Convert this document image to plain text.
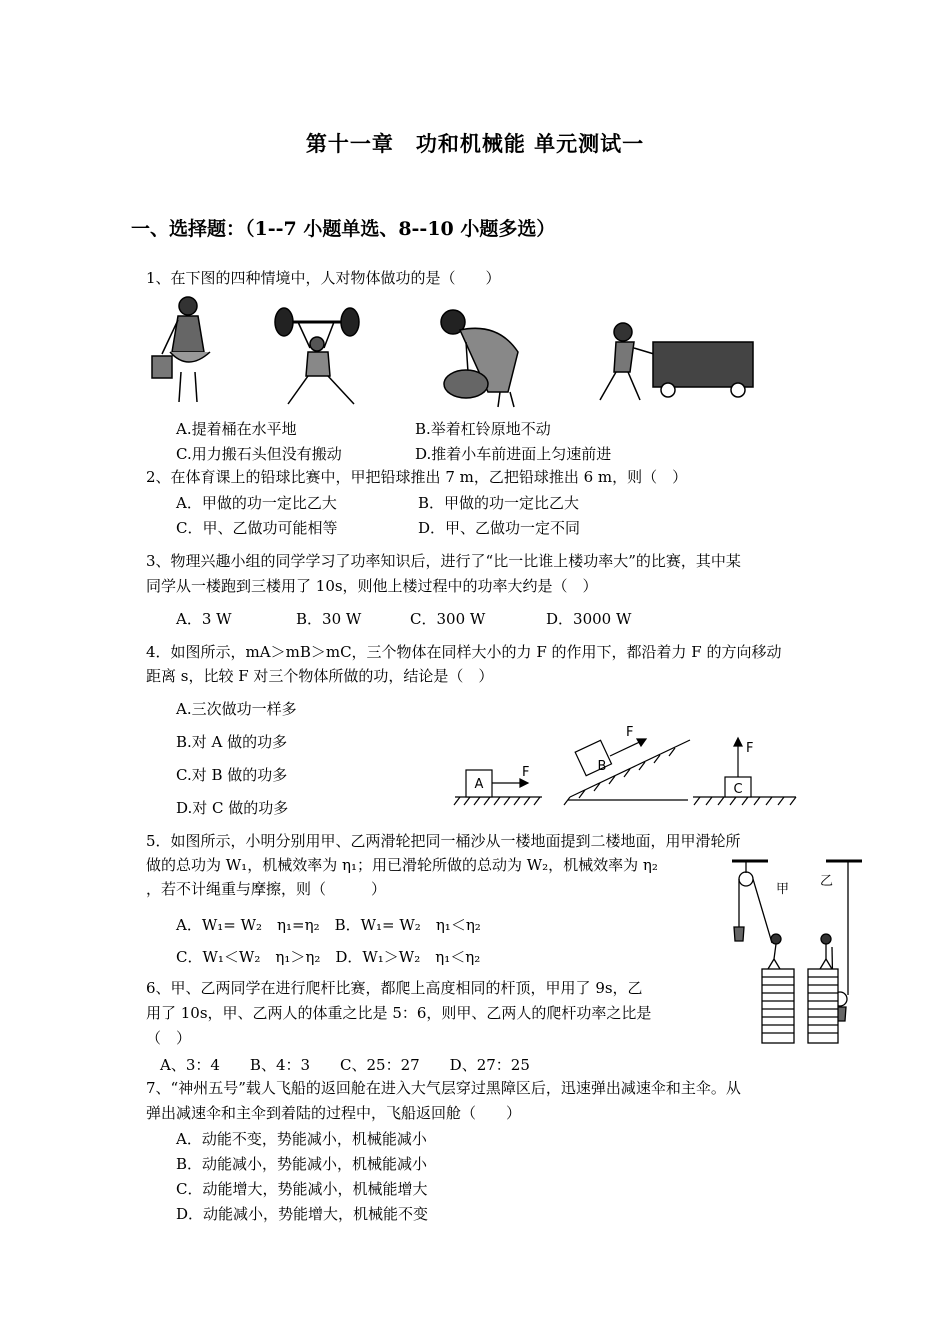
第十一章　功和机械能 单元测试一
一、选择题：（1--7 小题单选、8--10 小题多选）
1、在下图的四种情境中，人对物体做功的是（　　）
A.提着桶在水平地	B.举着杠铃原地不动
C.用力搬石头但没有搬动	D.推着小车前进面上匀速前进
2、在体育课上的铅球比赛中，甲把铅球推出 7 m，乙把铅球推出 6 m，则（　）
A．甲做的功一定比乙大	B．甲做的功一定比乙大
C．甲、乙做功可能相等	D．甲、乙做功一定不同
3、物理兴趣小组的同学学习了功率知识后，进行了“比一比谁上楼功率大”的比赛，其中某
同学从一楼跑到三楼用了 10s，则他上楼过程中的功率大约是（　）
A．3 W	B．30 W	C．300 W	D．3000 W
4．如图所示，mA＞mB＞mC，三个物体在同样大小的力 F 的作用下，都沿着力 F 的方向移动
距离 s，比较 F 对三个物体所做的功，结论是（　）
A.三次做功一样多
B.对 A 做的功多
C.对 B 做的功多
D.对 C 做的功多
A
F	B
F
C
F
5．如图所示，小明分别用甲、乙两滑轮把同一桶沙从一楼地面提到二楼地面，用甲滑轮所
做的总功为 W₁，机械效率为 η₁；用已滑轮所做的总动为 W₂，机械效率为 η₂
，若不计绳重与摩擦，则（　　　）
A．W₁= W₂　η₁=η₂　B．W₁= W₂　η₁＜η₂
C．W₁＜W₂　η₁＞η₂　D．W₁＞W₂　η₁＜η₂
甲
乙
6、甲、乙两同学在进行爬杆比赛，都爬上高度相同的杆顶，甲用了 9s，乙
用了 10s，甲、乙两人的体重之比是 5：6，则甲、乙两人的爬杆功率之比是
（　）
A、3：4　　B、4：3　　C、25：27　　D、27：25
7、“神州五号”载人飞船的返回舱在进入大气层穿过黑障区后，迅速弹出减速伞和主伞。从
弹出减速伞和主伞到着陆的过程中，飞船返回舱（　　）
A．动能不变，势能减小，机械能减小
B．动能减小，势能减小，机械能减小
C．动能增大，势能减小，机械能增大
D．动能减小，势能增大，机械能不变
